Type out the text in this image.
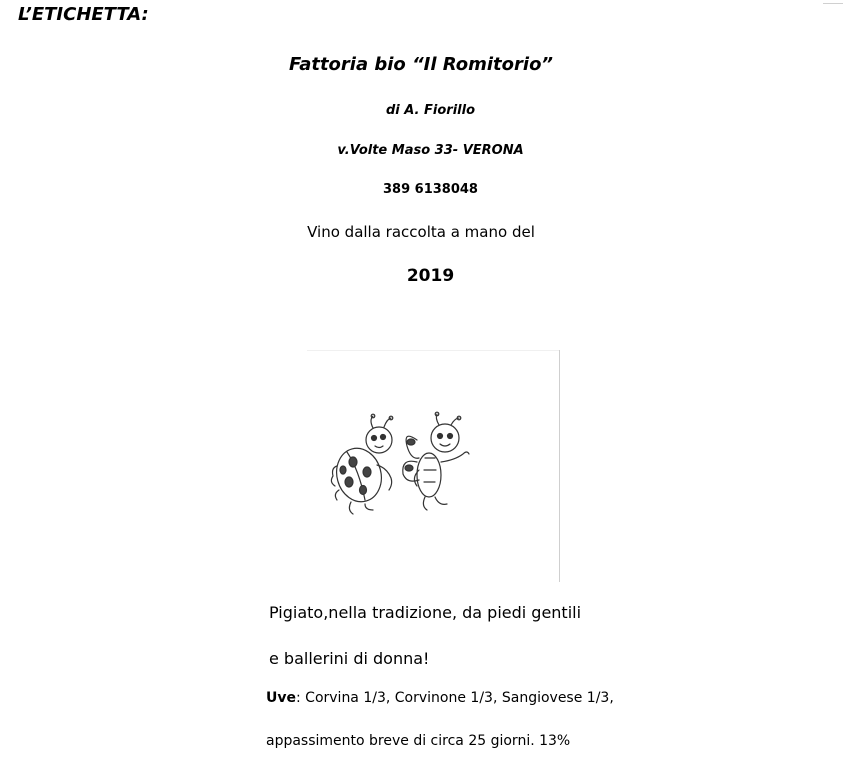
L’ETICHETTA:
Fattoria bio “Il Romitorio”
di A. Fiorillo
v.Volte Maso 33- VERONA
389 6138048
Vino dalla raccolta a mano del
2019
Pigiato,nella tradizione, da piedi gentili
e ballerini di donna!
Uve: Corvina 1/3, Corvinone 1/3, Sangiovese 1/3,
appassimento breve di circa 25 giorni. 13%
